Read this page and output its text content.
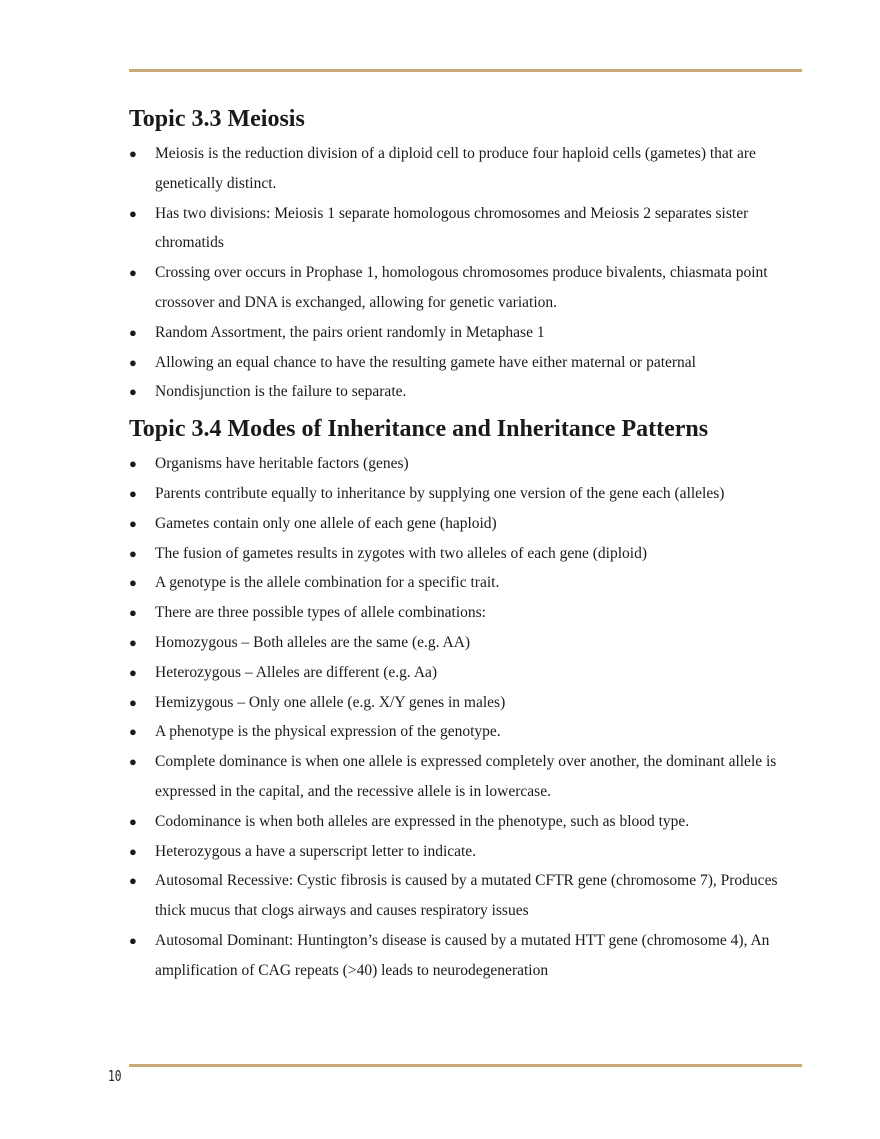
Topic 3.3 Meiosis
● Meiosis is the reduction division of a diploid cell to produce four haploid cells (gametes) that are genetically distinct.
● Has two divisions: Meiosis 1 separate homologous chromosomes and Meiosis 2 separates sister chromatids
● Crossing over occurs in Prophase 1, homologous chromosomes produce bivalents, chiasmata point crossover and DNA is exchanged, allowing for genetic variation.
● Random Assortment, the pairs orient randomly in Metaphase 1
● Allowing an equal chance to have the resulting gamete have either maternal or paternal
● Nondisjunction is the failure to separate.
Topic 3.4 Modes of Inheritance and Inheritance Patterns
● Organisms have heritable factors (genes)
● Parents contribute equally to inheritance by supplying one version of the gene each (alleles)
● Gametes contain only one allele of each gene (haploid)
● The fusion of gametes results in zygotes with two alleles of each gene (diploid)
● A genotype is the allele combination for a specific trait.
● There are three possible types of allele combinations:
● Homozygous – Both alleles are the same (e.g. AA)
● Heterozygous – Alleles are different (e.g. Aa)
● Hemizygous – Only one allele (e.g. X/Y genes in males)
● A phenotype is the physical expression of the genotype.
● Complete dominance is when one allele is expressed completely over another, the dominant allele is expressed in the capital, and the recessive allele is in lowercase.
● Codominance is when both alleles are expressed in the phenotype, such as blood type.
● Heterozygous a have a superscript letter to indicate.
● Autosomal Recessive: Cystic fibrosis is caused by a mutated CFTR gene (chromosome 7), Produces thick mucus that clogs airways and causes respiratory issues
● Autosomal Dominant: Huntington’s disease is caused by a mutated HTT gene (chromosome 4), An amplification of CAG repeats (>40) leads to neurodegeneration
10
